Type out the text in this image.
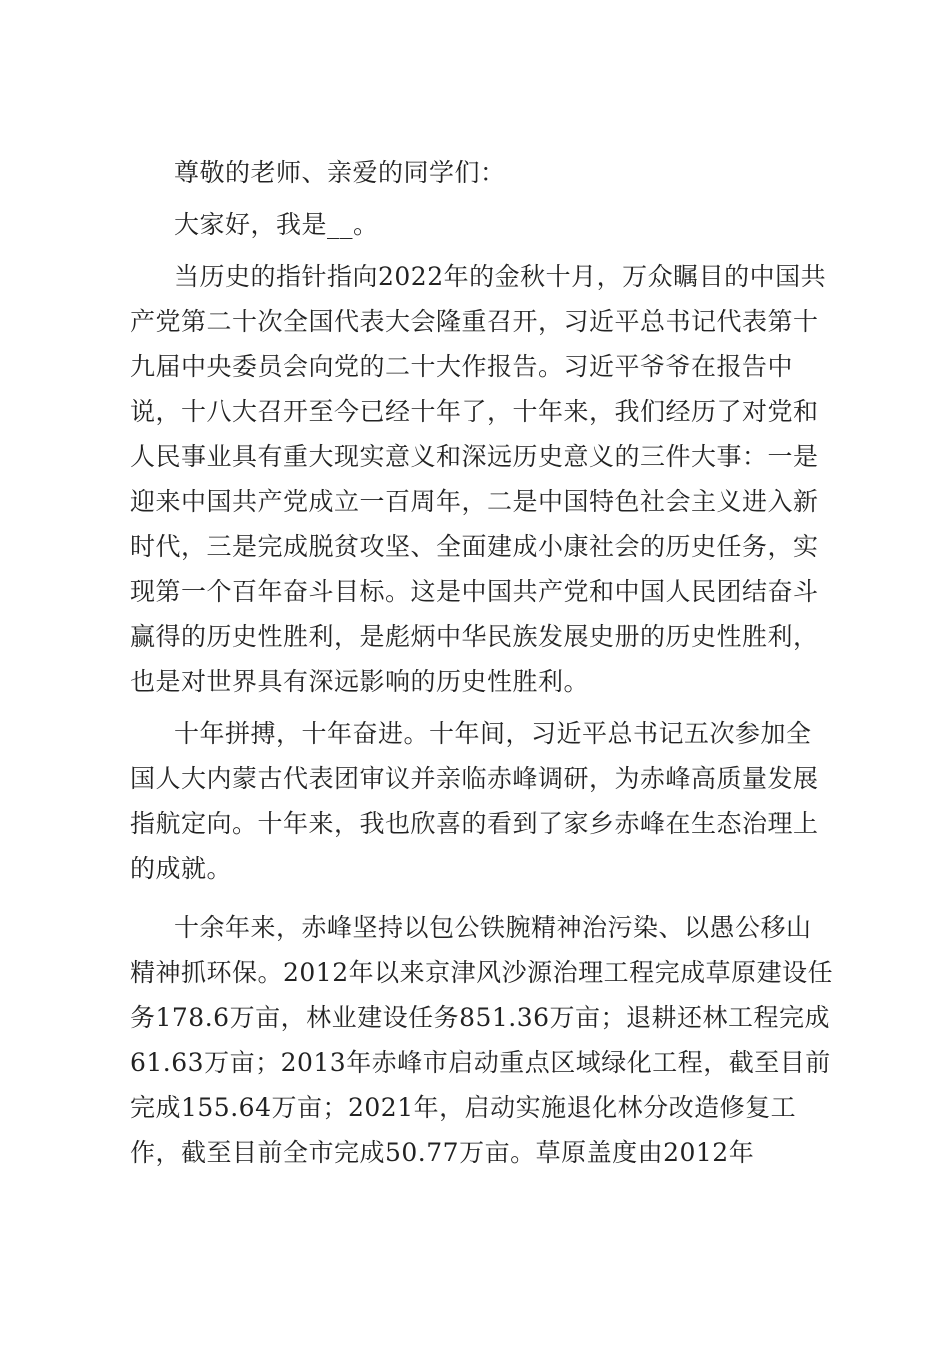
尊敬的老师、亲爱的同学们：
大家好，我是__。
当历史的指针指向2022年的金秋十月，万众瞩目的中国共
产党第二十次全国代表大会隆重召开，习近平总书记代表第十
九届中央委员会向党的二十大作报告。习近平爷爷在报告中
说，十八大召开至今已经十年了，十年来，我们经历了对党和
人民事业具有重大现实意义和深远历史意义的三件大事：一是
迎来中国共产党成立一百周年，二是中国特色社会主义进入新
时代，三是完成脱贫攻坚、全面建成小康社会的历史任务，实
现第一个百年奋斗目标。这是中国共产党和中国人民团结奋斗
赢得的历史性胜利，是彪炳中华民族发展史册的历史性胜利，
也是对世界具有深远影响的历史性胜利。
十年拼搏，十年奋进。十年间，习近平总书记五次参加全
国人大内蒙古代表团审议并亲临赤峰调研，为赤峰高质量发展
指航定向。十年来，我也欣喜的看到了家乡赤峰在生态治理上
的成就。
十余年来，赤峰坚持以包公铁腕精神治污染、以愚公移山
精神抓环保。2012年以来京津风沙源治理工程完成草原建设任
务178.6万亩，林业建设任务851.36万亩；退耕还林工程完成
61.63万亩；2013年赤峰市启动重点区域绿化工程，截至目前
完成155.64万亩；2021年，启动实施退化林分改造修复工
作，截至目前全市完成50.77万亩。草原盖度由2012年
